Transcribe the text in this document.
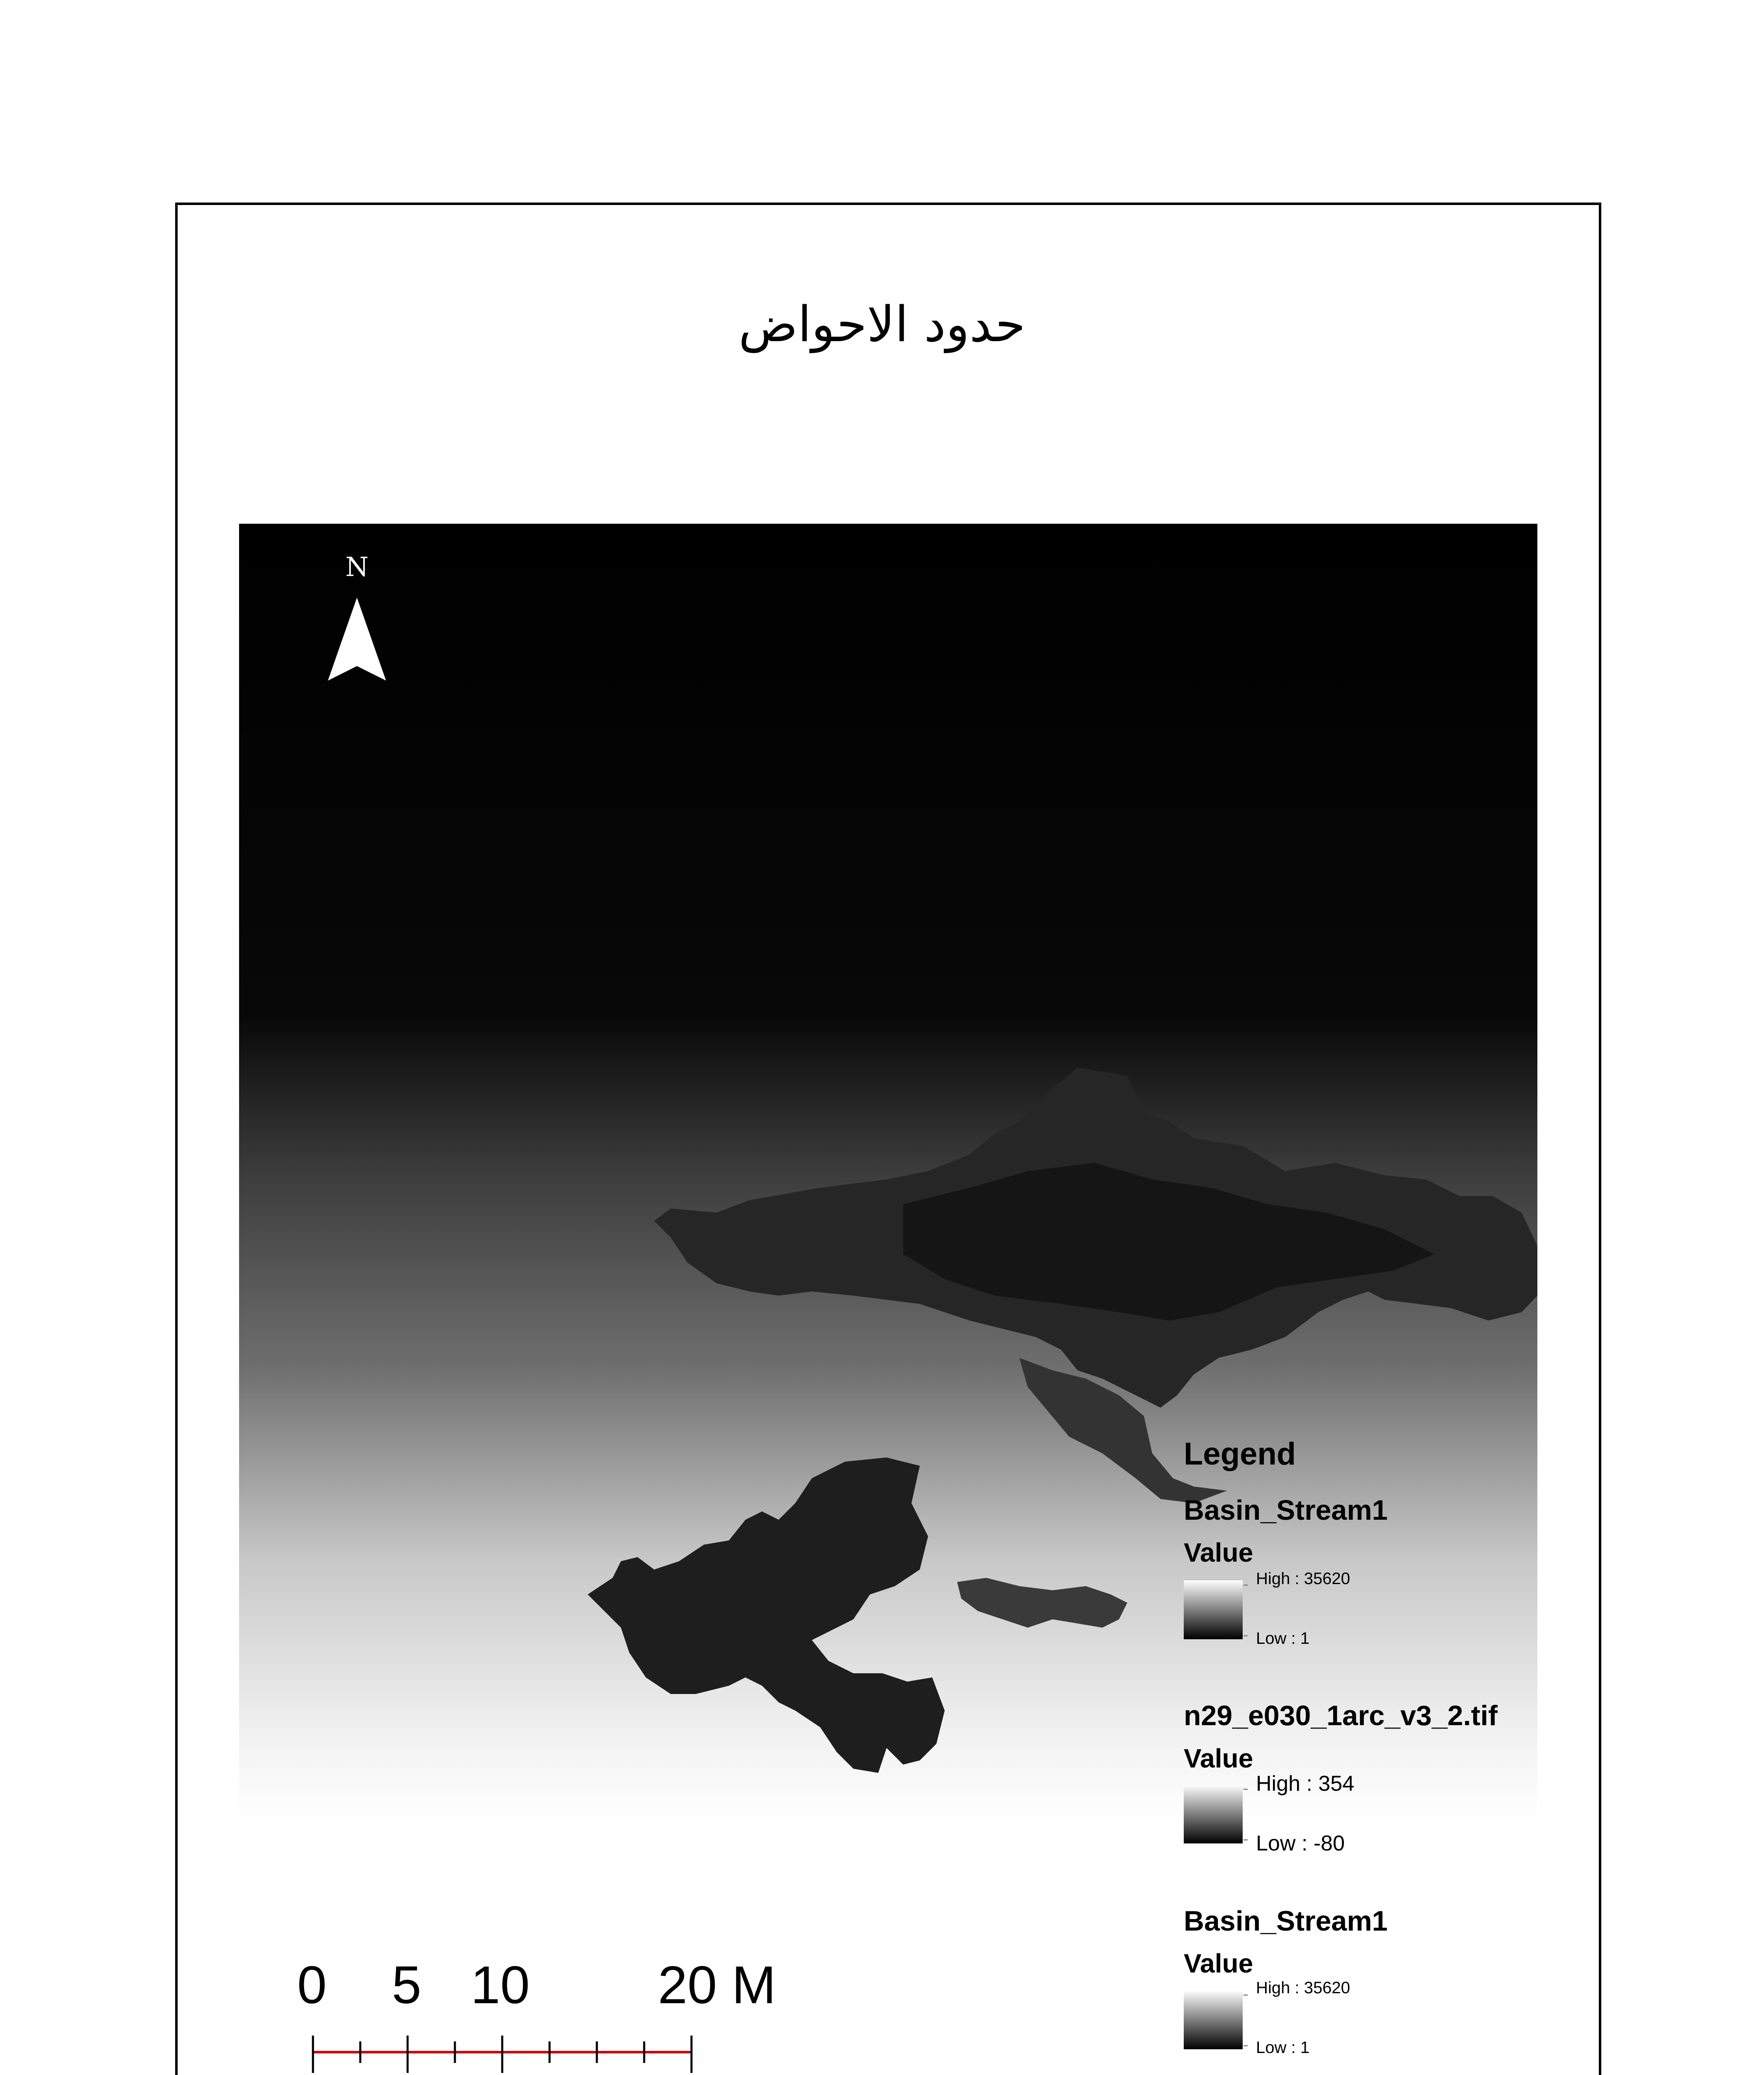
حدود الاحواض
N
Legend
Basin_Stream1
Value
High : 35620
Low : 1
n29_e030_1arc_v3_2.tif
Value
High : 354
Low : -80
Basin_Stream1
Value
High : 35620
Low : 1
0 5 10 20 M
